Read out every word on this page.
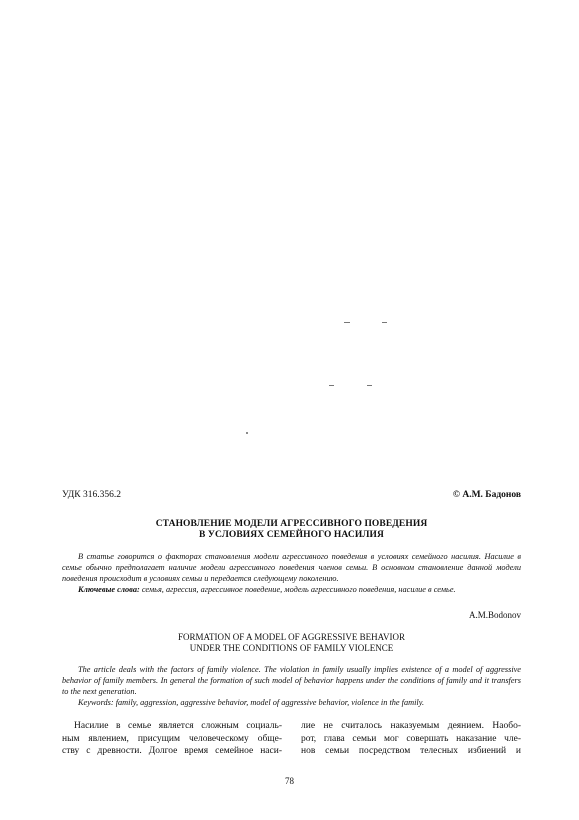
УДК 316.356.2	© А.М. Бадонов
СТАНОВЛЕНИЕ МОДЕЛИ АГРЕССИВНОГО ПОВЕДЕНИЯ
В УСЛОВИЯХ СЕМЕЙНОГО НАСИЛИЯ

В статье говорится о факторах становления модели агрессивного поведения в условиях семейного насилия. Насилие в семье обычно предполагает наличие модели агрессивного поведения членов семьи. В основном становление данной модели поведения происходит в условиях семьи и передается следующему поколению.

Ключевые слова: семья, агрессия, агрессивное поведение, модель агрессивного поведения, насилие в семье.

A.M.Bodonov
FORMATION OF A MODEL OF AGGRESSIVE BEHAVIOR
UNDER THE CONDITIONS OF FAMILY VIOLENCE

The article deals with the factors of family violence. The violation in family usually implies existence of a model of aggressive behavior of family members. In general the formation of such model of behavior happens under the conditions of family and it transfers to the next generation.

Keywords: family, aggression, aggressive behavior, model of aggressive behavior, violence in the family.

Насилие в семье является сложным социаль-
ным явлением, присущим человеческому обще-
ству с древности. Долгое время семейное наси-
лие не считалось наказуемым деянием. Наобо-
рот, глава семьи мог совершать наказание чле-
нов семьи посредством телесных избиений и
78
